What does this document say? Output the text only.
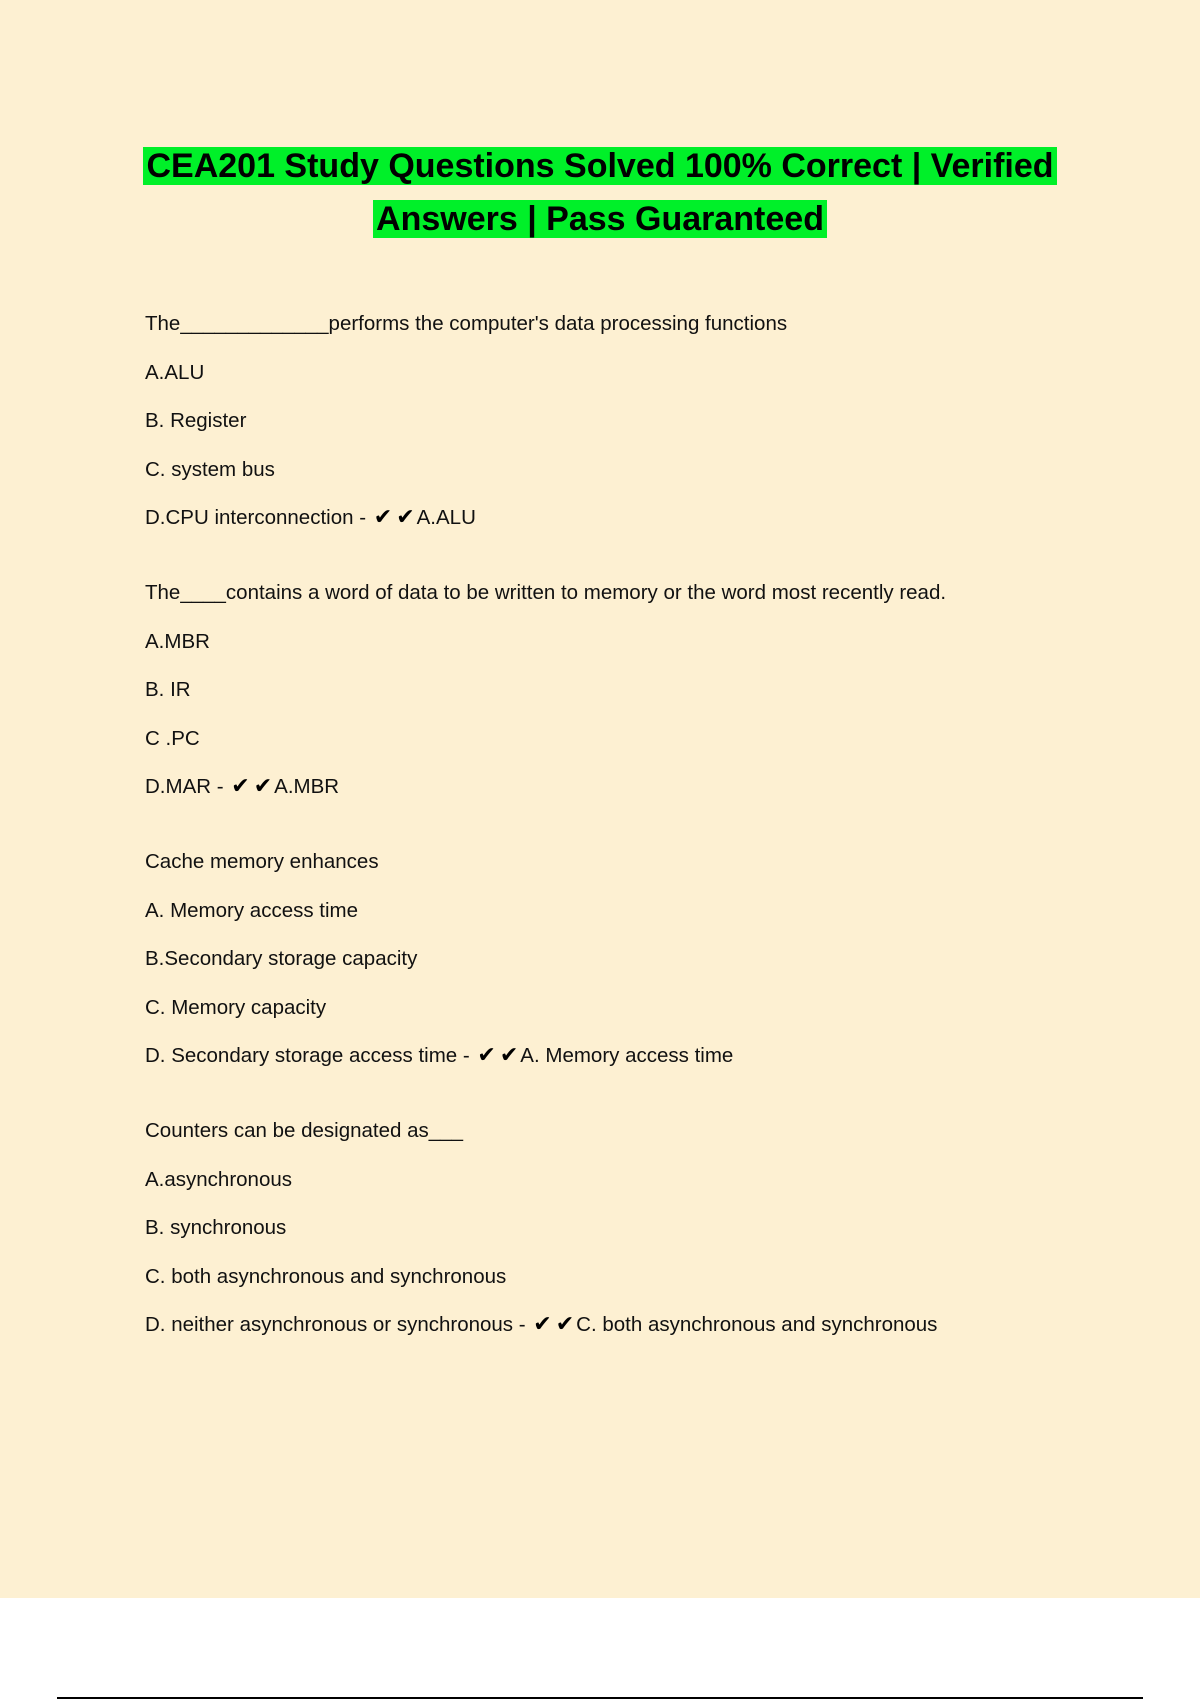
CEA201 Study Questions Solved 100% Correct | Verified
Answers | Pass Guaranteed
The_____________performs the computer's data processing functions
A.ALU
B. Register
C. system bus
D.CPU interconnection - ✔ ✔A.ALU
The____contains a word of data to be written to memory or the word most recently read.
A.MBR
B. IR
C .PC
D.MAR - ✔ ✔A.MBR
Cache memory enhances
A. Memory access time
B.Secondary storage capacity
C. Memory capacity
D. Secondary storage access time - ✔ ✔A. Memory access time
Counters can be designated as___
A.asynchronous
B. synchronous
C. both asynchronous and synchronous
D. neither asynchronous or synchronous - ✔ ✔C. both asynchronous and synchronous
